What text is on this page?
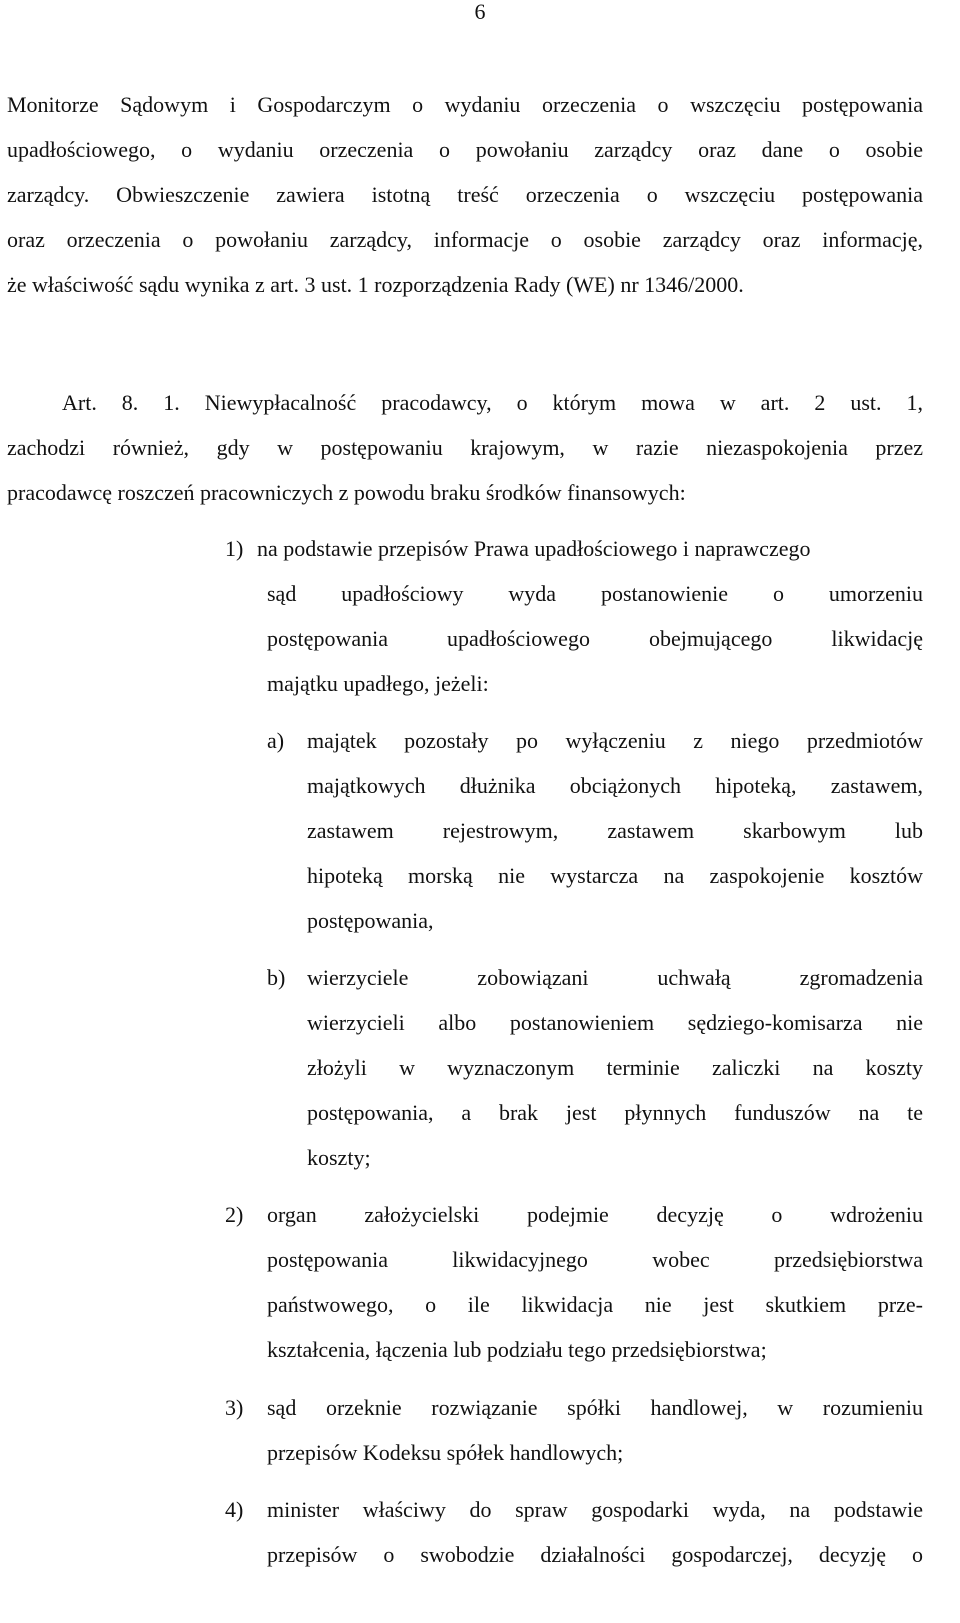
6
Monitorze Sądowym i Gospodarczym o wydaniu orzeczenia o wszczęciu postępowania
upadłościowego, o wydaniu orzeczenia o powołaniu zarządcy oraz dane o osobie
zarządcy. Obwieszczenie zawiera istotną treść orzeczenia o wszczęciu postępowania
oraz orzeczenia o powołaniu zarządcy, informacje o osobie zarządcy oraz informację,
że właściwość sądu wynika z art. 3 ust. 1 rozporządzenia Rady (WE) nr 1346/2000.
Art. 8. 1. Niewypłacalność pracodawcy, o którym mowa w art. 2 ust. 1,
zachodzi również, gdy w postępowaniu krajowym, w razie niezaspokojenia przez
pracodawcę roszczeń pracowniczych z powodu braku środków finansowych:
1) na podstawie przepisów Prawa upadłościowego i naprawczego
sąd upadłościowy wyda postanowienie o umorzeniu
postępowania upadłościowego obejmującego likwidację
majątku upadłego, jeżeli:
a) majątek pozostały po wyłączeniu z niego przedmiotów
majątkowych dłużnika obciążonych hipoteką, zastawem,
zastawem rejestrowym, zastawem skarbowym lub
hipoteką morską nie wystarcza na zaspokojenie kosztów
postępowania,
b) wierzyciele zobowiązani uchwałą zgromadzenia
wierzycieli albo postanowieniem sędziego-komisarza nie
złożyli w wyznaczonym terminie zaliczki na koszty
postępowania, a brak jest płynnych funduszów na te
koszty;
2) organ założycielski podejmie decyzję o wdrożeniu
postępowania likwidacyjnego wobec przedsiębiorstwa
państwowego, o ile likwidacja nie jest skutkiem prze-
kształcenia, łączenia lub podziału tego przedsiębiorstwa;
3) sąd orzeknie rozwiązanie spółki handlowej, w rozumieniu
przepisów Kodeksu spółek handlowych;
4) minister właściwy do spraw gospodarki wyda, na podstawie
przepisów o swobodzie działalności gospodarczej, decyzję o
